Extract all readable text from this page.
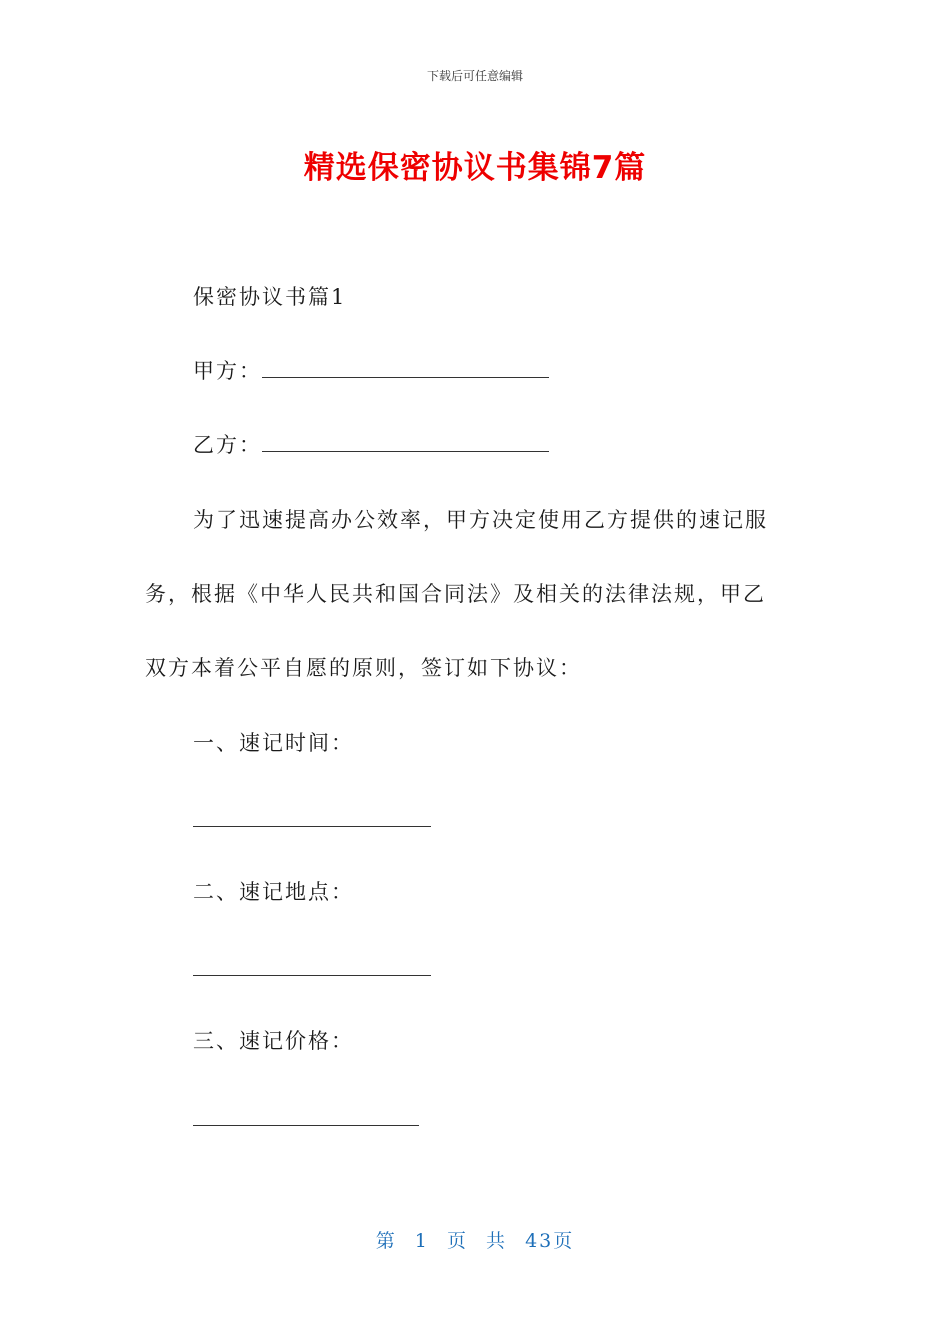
下载后可任意编辑
精选保密协议书集锦7篇
保密协议书篇1
甲方：
乙方：
为了迅速提高办公效率，甲方决定使用乙方提供的速记服
务，根据《中华人民共和国合同法》及相关的法律法规，甲乙
双方本着公平自愿的原则，签订如下协议：
一、速记时间：
二、速记地点：
三、速记价格：
第 1 页 共 43页
